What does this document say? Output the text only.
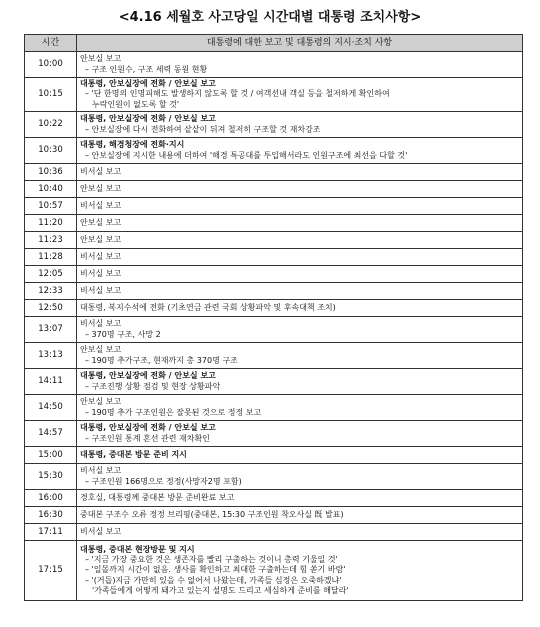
<4.16 세월호 사고당일 시간대별 대통령 조치사항>
시간	대통령에 대한 보고 및 대통령의 지시·조치 사항
10:00	안보실 보고
– 구조 인원수, 구조 세력 동원 현황

10:15	대통령, 안보실장에 전화 / 안보실 보고
– '단 한명의 인명피해도 발생하지 않도록 할 것 / 여객선내 객실 등을 철저하게 확인하여
누락인원이 없도록 할 것'

10:22	대통령, 안보실장에 전화 / 안보실 보고
– 안보실장에 다시 전화하여 샅샅이 뒤져 철저히 구조할 것 재차강조

10:30	대통령, 해경청장에 전화·지시
– 안보실장에 지시한 내용에 더하여 '해경 특공대를 투입해서라도 인원구조에 최선을 다할 것'

10:36	비서실 보고

10:40	안보실 보고

10:57	비서실 보고

11:20	안보실 보고

11:23	안보실 보고

11:28	비서실 보고

12:05	비서실 보고

12:33	비서실 보고

12:50	대통령, 복지수석에 전화 (기초연금 관련 국회 상황파악 및 후속대책 조치)

13:07	비서실 보고
– 370명 구조, 사망 2

13:13	안보실 보고
– 190명 추가구조, 현재까지 총 370명 구조

14:11	대통령, 안보실장에 전화 / 안보실 보고
– 구조진행 상황 점검 및 현장 상황파악

14:50	안보실 보고
– 190명 추가 구조인원은 잘못된 것으로 정정 보고

14:57	대통령, 안보실장에 전화 / 안보실 보고
– 구조인원 통계 혼선 관련 재차확인

15:00	대통령, 중대본 방문 준비 지시

15:30	비서실 보고
– 구조인원 166명으로 정정(사망자2명 포함)

16:00	경호실, 대통령께 중대본 방문 준비완료 보고

16:30	중대본 구조수 오류 정정 브리핑(중대본, 15:30 구조인원 착오사실 旣 발표)

17:11	비서실 보고

17:15	대통령, 중대본 현장방문 및 지시
– '지금 가장 중요한 것은 생존자를 빨리 구출하는 것이니 총력 기울일 것'
– '일몰까지 시간이 없음. 생사를 확인하고 최대한 구출하는데 힘 쏟기 바람'
– '(거듭)지금 가만히 있을 수 없어서 나왔는데, 가족들 심정은 오죽하겠냐'
'가족들에게 어떻게 돼가고 있는지 설명도 드리고 세심하게 준비를 해달라'
